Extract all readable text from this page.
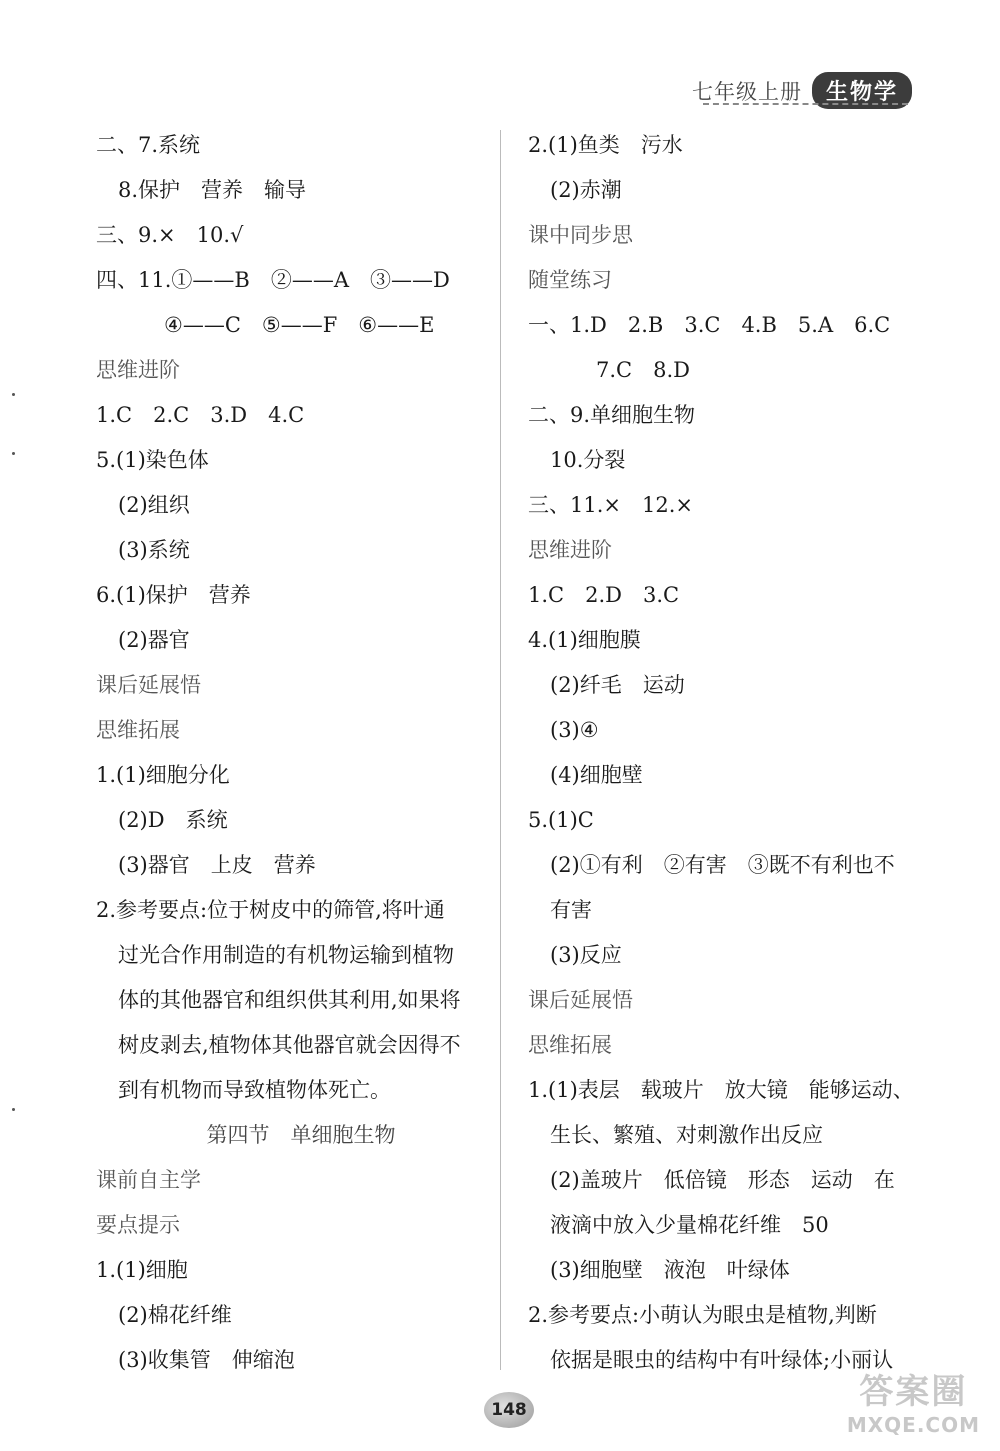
七年级上册	生物学
二、7.系统
8.保护　营养　输导
三、9.×　10.√
四、11.①——B　②——A　③——D
④——C　⑤——F　⑥——E
思维进阶
1.C　2.C　3.D　4.C
5.(1)染色体
(2)组织
(3)系统
6.(1)保护　营养
(2)器官
课后延展悟
思维拓展
1.(1)细胞分化
(2)D　系统
(3)器官　上皮　营养
2.参考要点:位于树皮中的筛管,将叶通
过光合作用制造的有机物运输到植物
体的其他器官和组织供其利用,如果将
树皮剥去,植物体其他器官就会因得不
到有机物而导致植物体死亡。
第四节　单细胞生物
课前自主学
要点提示
1.(1)细胞
(2)棉花纤维
(3)收集管　伸缩泡
2.(1)鱼类　污水
(2)赤潮
课中同步思
随堂练习
一、1.D　2.B　3.C　4.B　5.A　6.C
7.C　8.D
二、9.单细胞生物
10.分裂
三、11.×　12.×
思维进阶
1.C　2.D　3.C
4.(1)细胞膜
(2)纤毛　运动
(3)④
(4)细胞壁
5.(1)C
(2)①有利　②有害　③既不有利也不
有害
(3)反应
课后延展悟
思维拓展
1.(1)表层　载玻片　放大镜　能够运动、
生长、繁殖、对刺激作出反应
(2)盖玻片　低倍镜　形态　运动　在
液滴中放入少量棉花纤维　50
(3)细胞壁　液泡　叶绿体
2.参考要点:小萌认为眼虫是植物,判断
依据是眼虫的结构中有叶绿体;小丽认
148	答案圈
MXQE.COM
